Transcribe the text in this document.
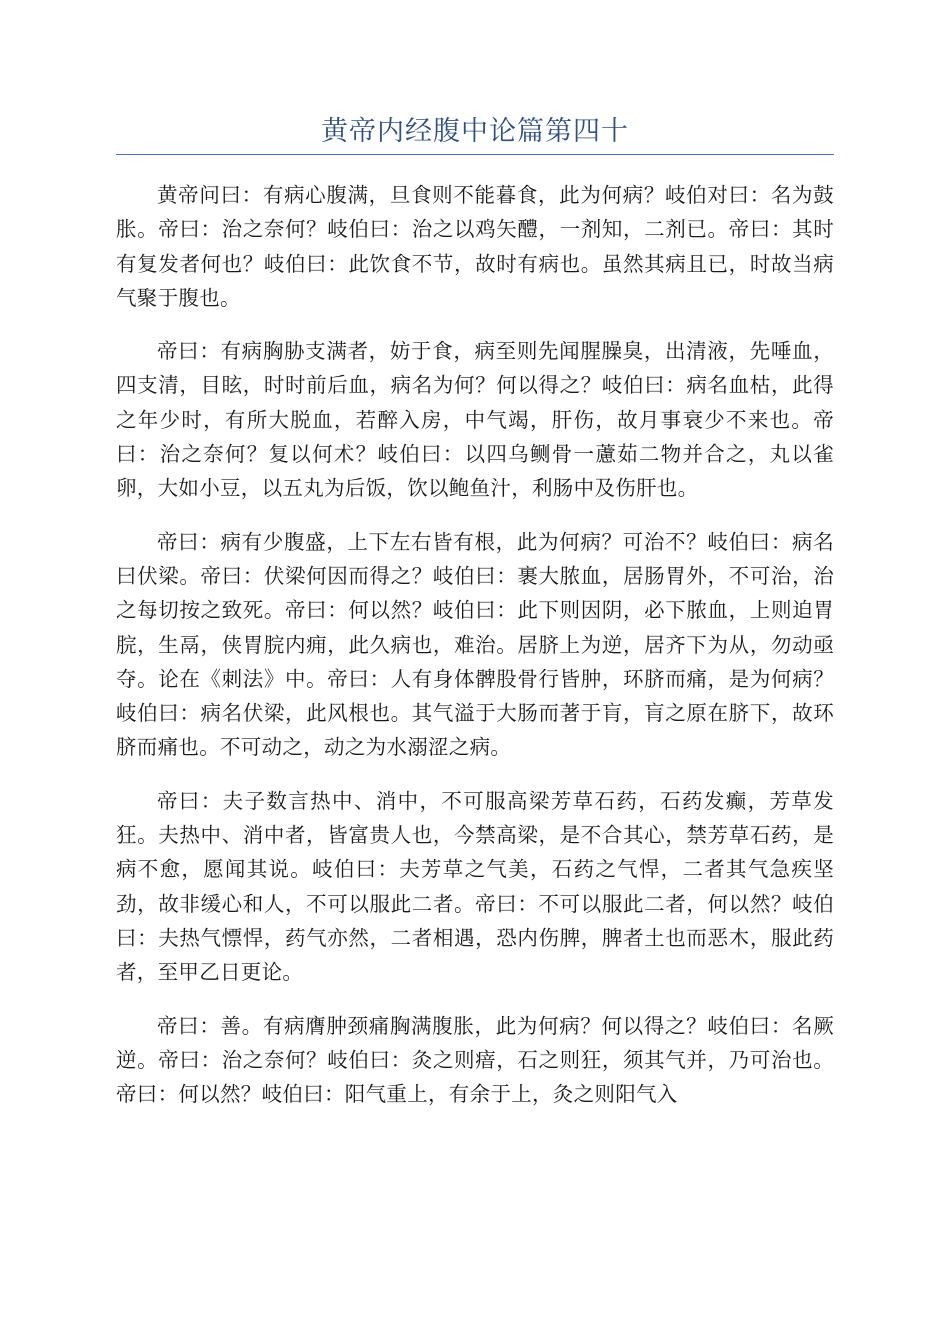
黄帝内经腹中论篇第四十

黄帝问曰：有病心腹满，旦食则不能暮食，此为何病？岐伯对曰：名为鼓胀。帝曰：治之奈何？岐伯曰：治之以鸡矢醴，一剂知，二剂已。帝曰：其时有复发者何也？岐伯曰：此饮食不节，故时有病也。虽然其病且已，时故当病气聚于腹也。

帝曰：有病胸胁支满者，妨于食，病至则先闻腥臊臭，出清液，先唾血，四支清，目眩，时时前后血，病名为何？何以得之？岐伯曰：病名血枯，此得之年少时，有所大脱血，若醉入房，中气竭，肝伤，故月事衰少不来也。帝曰：治之奈何？复以何术？岐伯曰：以四乌鲗骨一藘茹二物并合之，丸以雀卵，大如小豆，以五丸为后饭，饮以鲍鱼汁，利肠中及伤肝也。

帝曰：病有少腹盛，上下左右皆有根，此为何病？可治不？岐伯曰：病名曰伏梁。帝曰：伏梁何因而得之？岐伯曰：裹大脓血，居肠胃外，不可治，治之每切按之致死。帝曰：何以然？岐伯曰：此下则因阴，必下脓血，上则迫胃脘，生鬲，侠胃脘内痈，此久病也，难治。居脐上为逆，居齐下为从，勿动亟夺。论在《刺法》中。帝曰：人有身体髀股骨行皆肿，环脐而痛，是为何病？岐伯曰：病名伏梁，此风根也。其气溢于大肠而著于肓，肓之原在脐下，故环脐而痛也。不可动之，动之为水溺涩之病。

帝曰：夫子数言热中、消中，不可服高梁芳草石药，石药发癫，芳草发狂。夫热中、消中者，皆富贵人也，今禁高梁，是不合其心，禁芳草石药，是病不愈，愿闻其说。岐伯曰：夫芳草之气美，石药之气悍，二者其气急疾坚劲，故非缓心和人，不可以服此二者。帝曰：不可以服此二者，何以然？岐伯曰：夫热气慓悍，药气亦然，二者相遇，恐内伤脾，脾者土也而恶木，服此药者，至甲乙日更论。

帝曰：善。有病膺肿颈痛胸满腹胀，此为何病？何以得之？岐伯曰：名厥逆。帝曰：治之奈何？岐伯曰：灸之则瘖，石之则狂，须其气并，乃可治也。帝曰：何以然？岐伯曰：阳气重上，有余于上，灸之则阳气入
